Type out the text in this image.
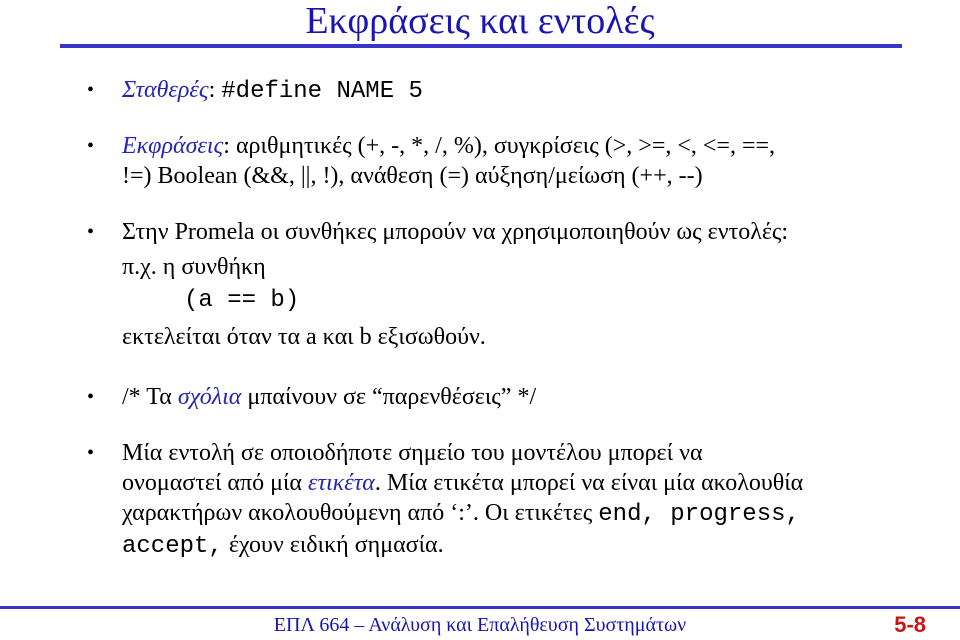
Εκφράσεις και εντολές
• Σταθερές: #define NAME 5
• Εκφράσεις: αριθμητικές (+, -, *, /, %), συγκρίσεις (>, >=, <, <=, ==,
!=) Boolean (&&, ||, !), ανάθεση (=) αύξηση/μείωση (++, --)
• Στην Promela οι συνθήκες μπορούν να χρησιμοποιηθούν ως εντολές:
π.χ. η συνθήκη
(a == b)
εκτελείται όταν τα a και b εξισωθούν.
• /* Τα σχόλια μπαίνουν σε “παρενθέσεις” */
• Μία εντολή σε οποιοδήποτε σημείο του μοντέλου μπορεί να
ονομαστεί από μία ετικέτα. Μία ετικέτα μπορεί να είναι μία ακολουθία
χαρακτήρων ακολουθούμενη από ‘:’. Οι ετικέτες end, progress,
accept, έχουν ειδική σημασία.
ΕΠΛ 664 – Ανάλυση και Επαλήθευση Συστημάτων	5-8
